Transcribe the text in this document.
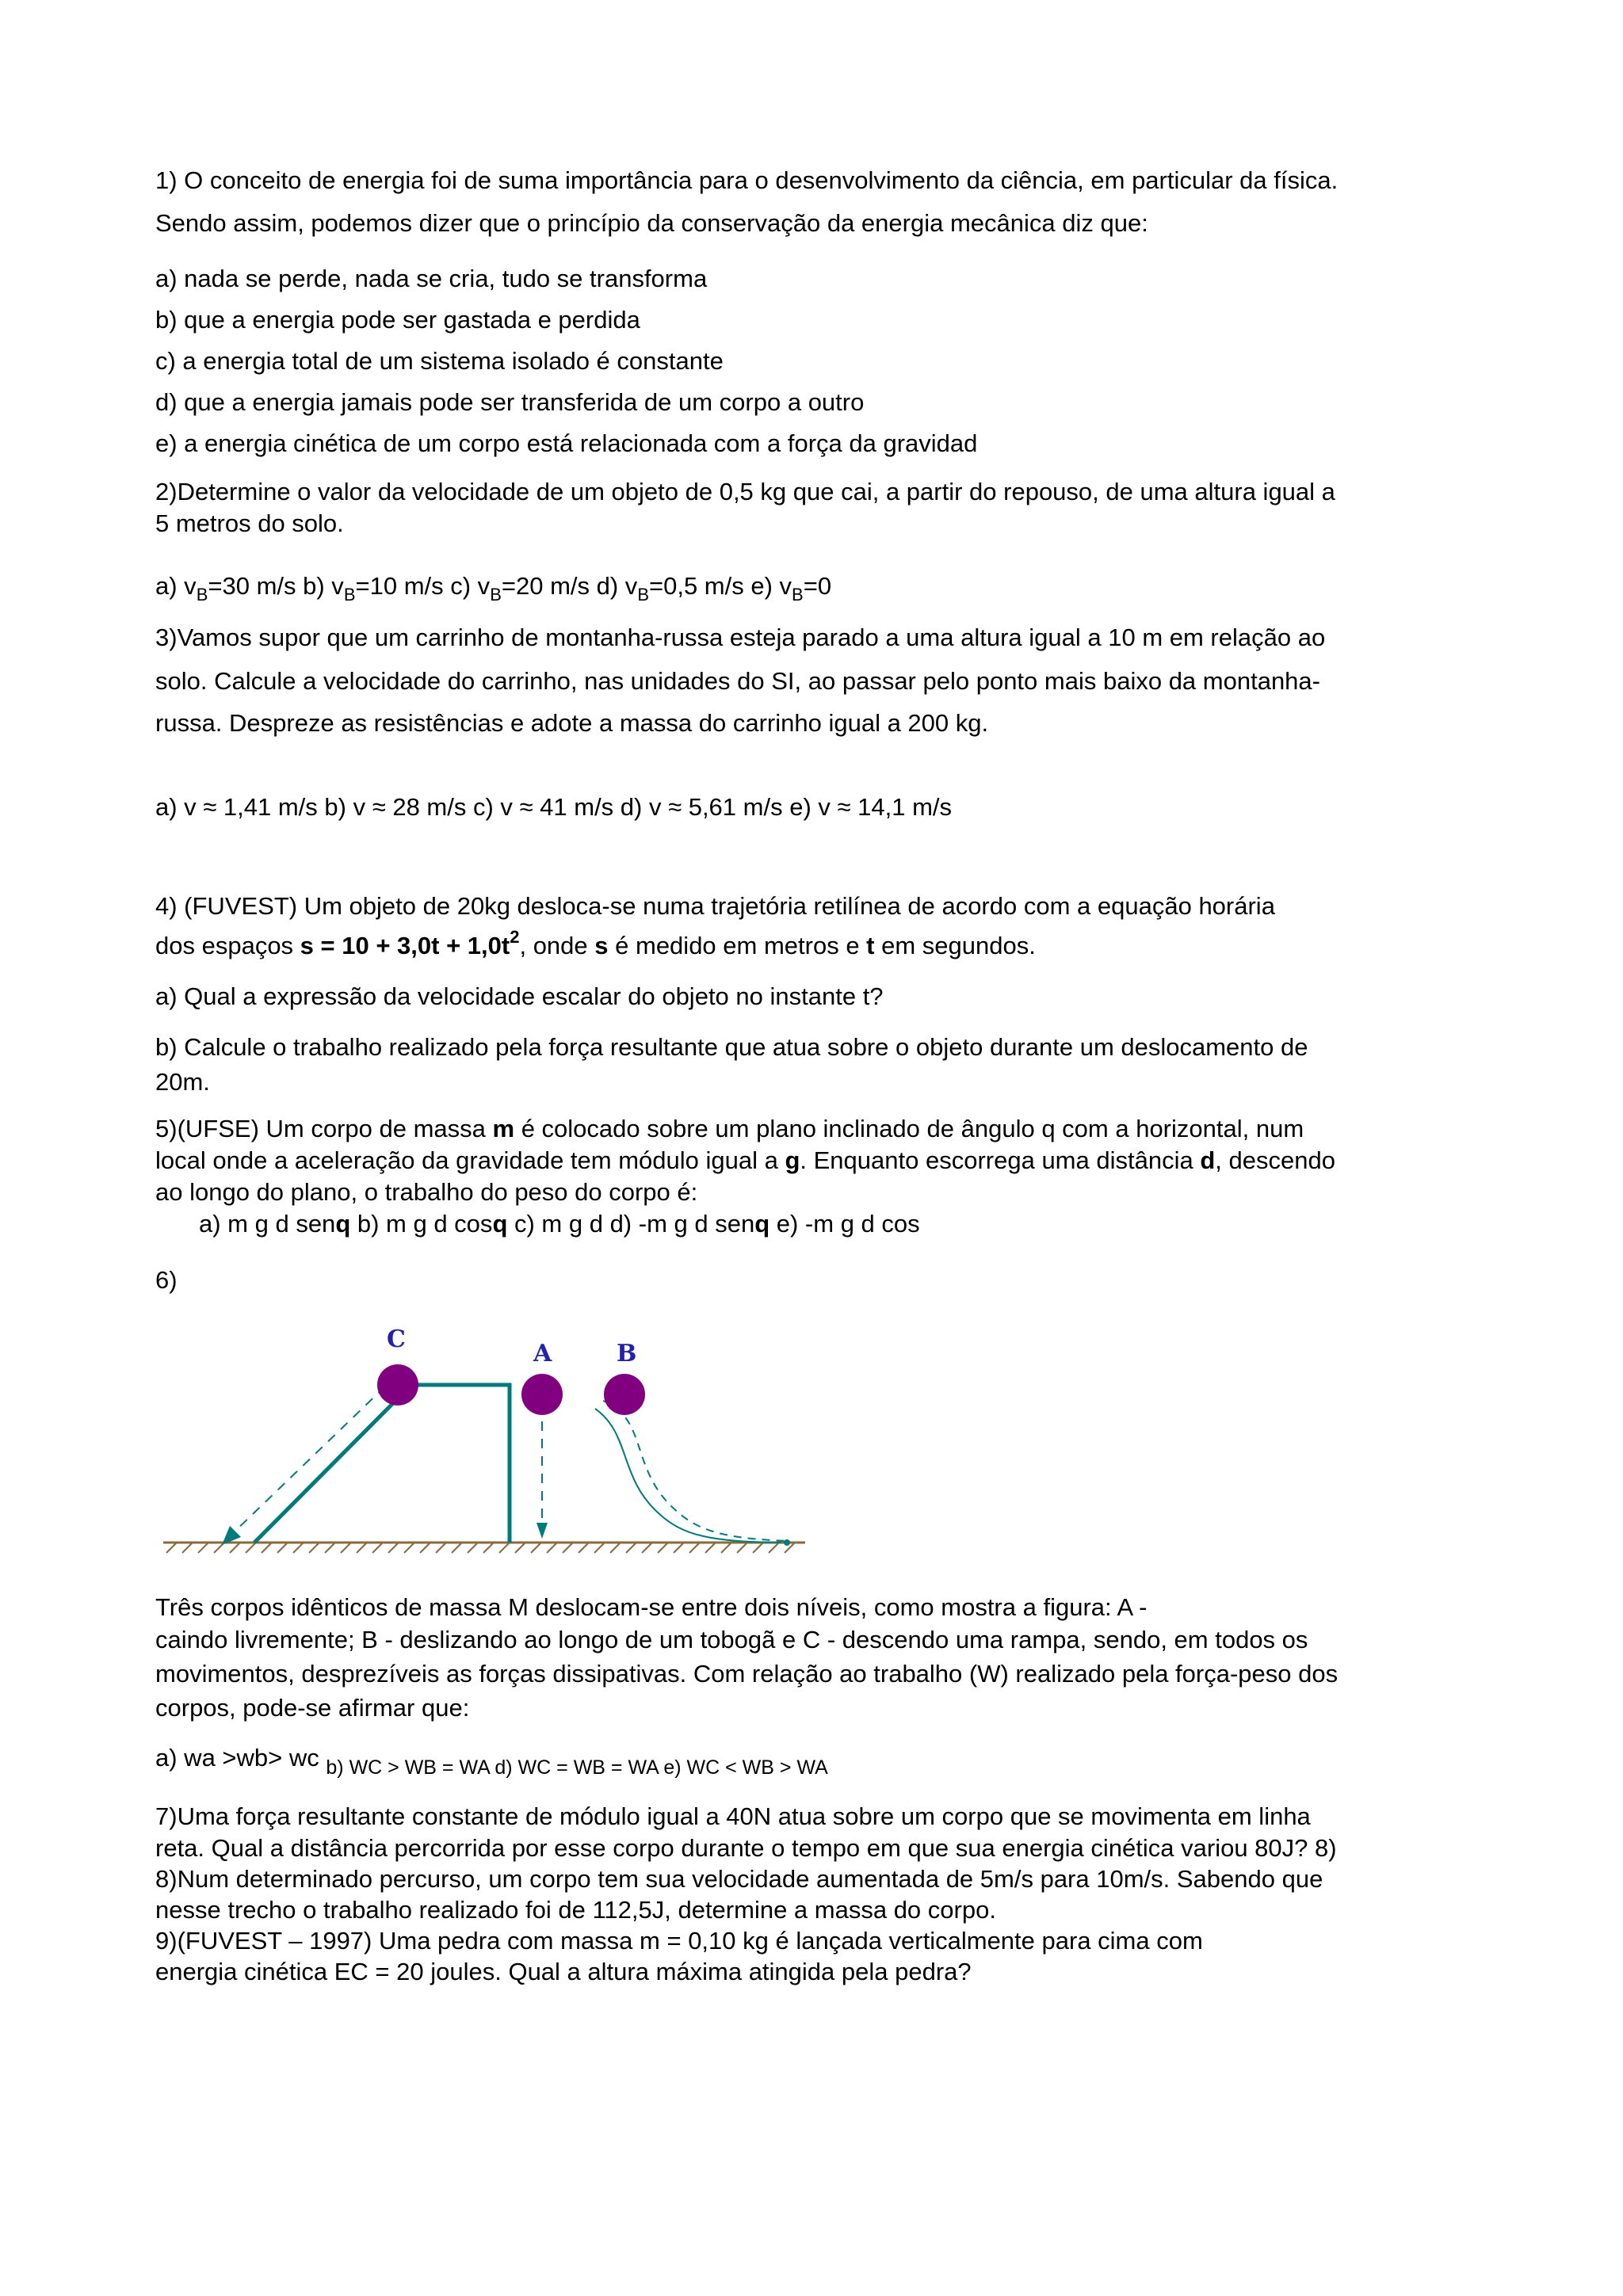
1) O conceito de energia foi de suma importância para o desenvolvimento da ciência, em particular da física.
Sendo assim, podemos dizer que o princípio da conservação da energia mecânica diz que:
a) nada se perde, nada se cria, tudo se transforma
b) que a energia pode ser gastada e perdida
c) a energia total de um sistema isolado é constante
d) que a energia jamais pode ser transferida de um corpo a outro
e) a energia cinética de um corpo está relacionada com a força da gravidad
2)Determine o valor da velocidade de um objeto de 0,5 kg que cai, a partir do repouso, de uma altura igual a
5 metros do solo.
a) $v_B=30$ m/s b) $v_B=10$ m/s c) $v_B=20$ m/s d) $v_B=0,5$ m/s e) $v_B=0$
3)Vamos supor que um carrinho de montanha-russa esteja parado a uma altura igual a 10 m em relação ao
solo. Calcule a velocidade do carrinho, nas unidades do SI, ao passar pelo ponto mais baixo da montanha-
russa. Despreze as resistências e adote a massa do carrinho igual a 200 kg.
a) v ≈ 1,41 m/s b) v ≈ 28 m/s c) v ≈ 41 m/s d) v ≈ 5,61 m/s e) v ≈ 14,1 m/s
4) (FUVEST) Um objeto de 20kg desloca-se numa trajetória retilínea de acordo com a equação horária
dos espaços $s = 10 + 3,0t + 1,0t^2$, onde s é medido em metros e t em segundos.
a) Qual a expressão da velocidade escalar do objeto no instante t?
b) Calcule o trabalho realizado pela força resultante que atua sobre o objeto durante um deslocamento de
20m.
5)(UFSE) Um corpo de massa m é colocado sobre um plano inclinado de ângulo q com a horizontal, num
local onde a aceleração da gravidade tem módulo igual a g. Enquanto escorrega uma distância d, descendo
ao longo do plano, o trabalho do peso do corpo é:
a) m g d senq b) m g d cosq c) m g d d) -m g d senq e) -m g d cos
6)
C
A	B
Três corpos idênticos de massa M deslocam-se entre dois níveis, como mostra a figura: A -
caindo livremente; B - deslizando ao longo de um tobogã e C - descendo uma rampa, sendo, em todos os
movimentos, desprezíveis as forças dissipativas. Com relação ao trabalho (W) realizado pela força-peso dos
corpos, pode-se afirmar que:
a) wa >wb> wc $_{b) WC > WB = WA d) WC = WB = WA e) WC < WB > WA}$
7)Uma força resultante constante de módulo igual a 40N atua sobre um corpo que se movimenta em linha
reta. Qual a distância percorrida por esse corpo durante o tempo em que sua energia cinética variou 80J? 8)
8)Num determinado percurso, um corpo tem sua velocidade aumentada de 5m/s para 10m/s. Sabendo que
nesse trecho o trabalho realizado foi de 112,5J, determine a massa do corpo.
9)(FUVEST – 1997) Uma pedra com massa m = 0,10 kg é lançada verticalmente para cima com
energia cinética EC = 20 joules. Qual a altura máxima atingida pela pedra?
